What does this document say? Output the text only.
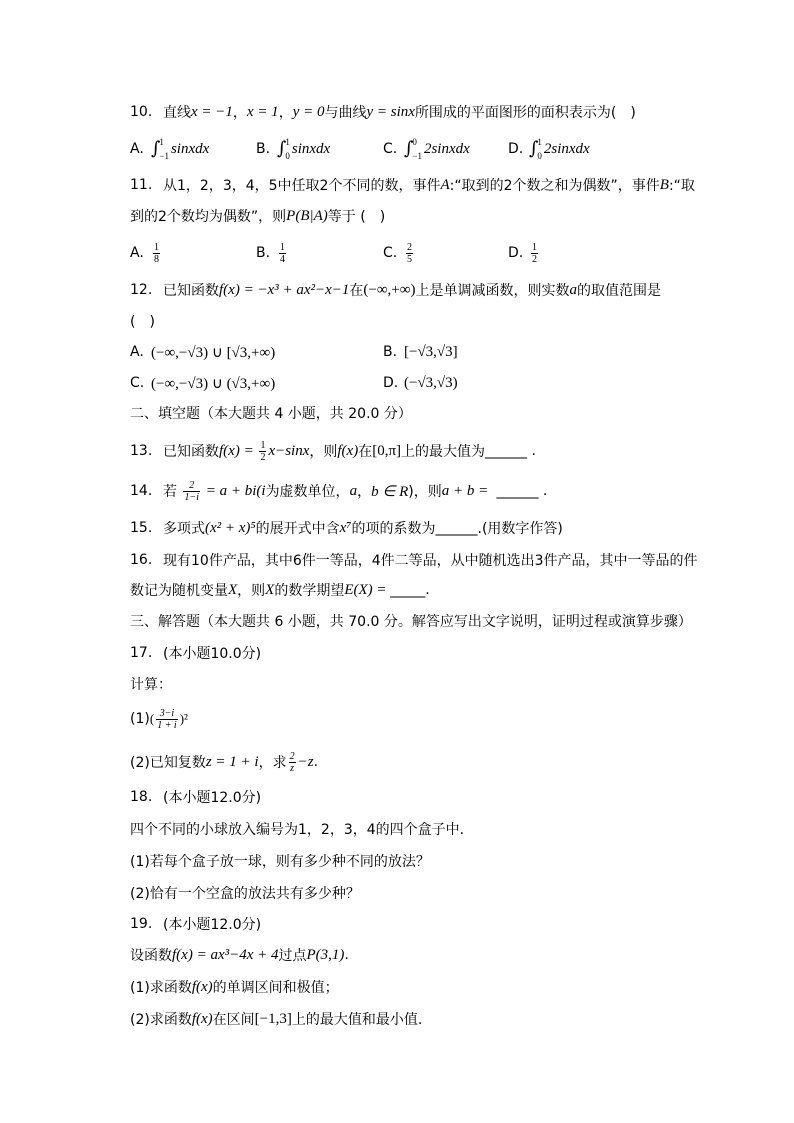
10. 直线 x = −1 ， x = 1 ， y = 0 与曲线 y = sinx 所围成的平面图形的面积表示为(　)
A. ∫ 1
−1 sinxdx	B. ∫ 1
0 sinxdx	C. ∫ 0
−1 2sinxdx	D. ∫ 1
0 2sinxdx
11. 从1，2，3，4，5中任取2个不同的数，事件 A :“取到的2个数之和为偶数”，事件 B :“取
到的2个数均为偶数”，则 P(B|A) 等于 (　)
A. $\frac{1}{8}$	B. $\frac{1}{4}$	C. $\frac{2}{5}$	D. $\frac{1}{2}$
12. 已知函数 f(x) = −x³ + ax²−x−1 在 (−∞,+∞) 上是单调减函数，则实数 a 的取值范围是
(　)
A. (−∞,−√3) ∪ [√3,+∞)	B. [−√3,√3]
C. (−∞,−√3) ∪ (√3,+∞)	D. (−√3,√3)
二、填空题（本大题共 4 小题，共 20.0 分）
13. 已知函数 $f(x) = \frac{1}{2} x-\sin x$ ，则 f(x) 在 [0,π] 上的最大值为 ______ .
14. 若 $\frac{2}{1-i} = a + bi(i$ 为虚数单位， a ， b ∈ R )，则 a + b = ______ .
15. 多项式 (x² + x)⁵ 的展开式中含 x⁷ 的项的系数为 ______ .(用数字作答)
16. 现有10件产品，其中6件一等品，4件二等品，从中随机选出3件产品，其中一等品的件
数记为随机变量 X ，则 X 的数学期望 E(X) = _____ .
三、解答题（本大题共 6 小题，共 70.0 分。解答应写出文字说明，证明过程或演算步骤）
17. (本小题10.0分)
计算：
(1) ( $\frac{3-i}{1 + i} )^2$
(2)已知复数 z = 1 + i ，求 $\frac{2}{z} -z$ .
18. (本小题12.0分)
四个不同的小球放入编号为1，2，3，4的四个盒子中.
(1)若每个盒子放一球，则有多少种不同的放法？
(2)恰有一个空盒的放法共有多少种？
19. (本小题12.0分)
设函数 f(x) = ax³−4x + 4 过点 P(3,1) .
(1)求函数 f(x) 的单调区间和极值；
(2)求函数 f(x) 在区间 [−1,3] 上的最大值和最小值.
